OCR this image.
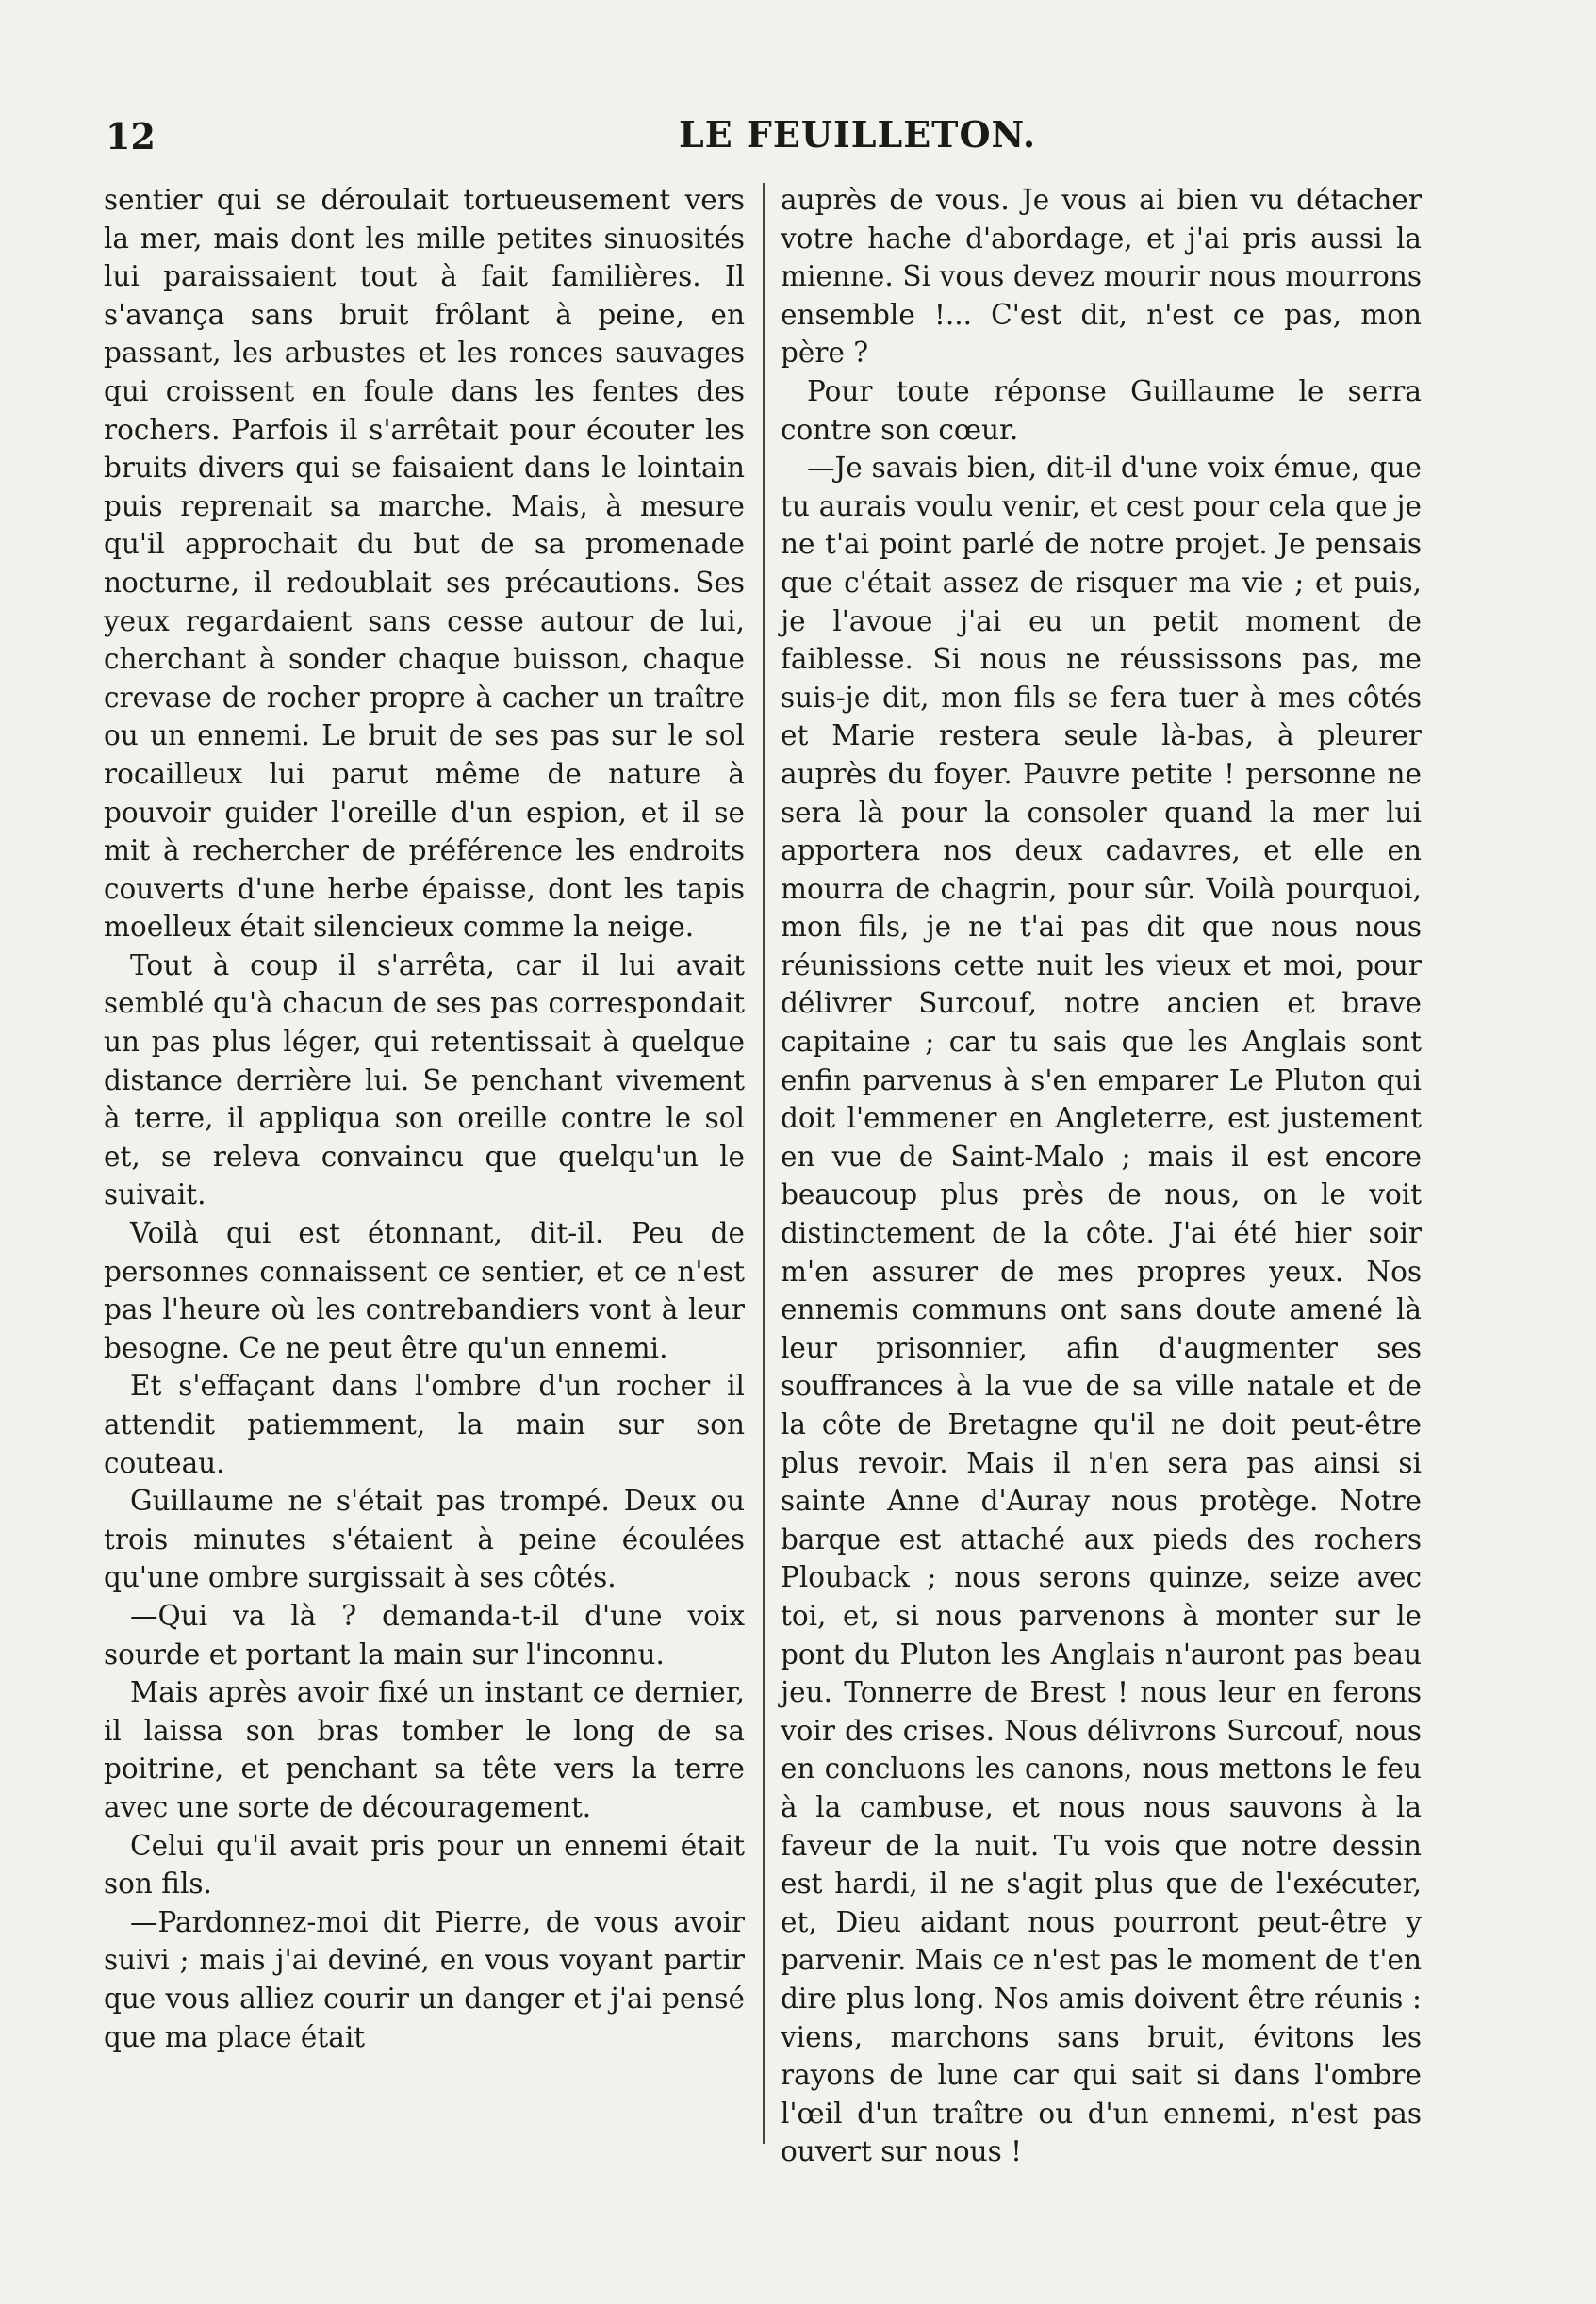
12	LE FEUILLETON.

sentier qui se déroulait tortueusement vers la mer, mais dont les mille petites sinuosités lui paraissaient tout à fait familières. Il s'avança sans bruit frôlant à peine, en passant, les arbustes et les ronces sauvages qui croissent en foule dans les fentes des rochers. Parfois il s'arrêtait pour écouter les bruits divers qui se faisaient dans le lointain puis reprenait sa marche. Mais, à mesure qu'il approchait du but de sa promenade nocturne, il redoublait ses précautions. Ses yeux regardaient sans cesse autour de lui, cherchant à sonder chaque buisson, chaque crevase de rocher propre à cacher un traître ou un ennemi. Le bruit de ses pas sur le sol rocailleux lui parut même de nature à pouvoir guider l'oreille d'un espion, et il se mit à rechercher de préférence les endroits couverts d'une herbe épaisse, dont les tapis moelleux était silencieux comme la neige.

Tout à coup il s'arrêta, car il lui avait semblé qu'à chacun de ses pas correspondait un pas plus léger, qui retentissait à quelque distance derrière lui. Se penchant vivement à terre, il appliqua son oreille contre le sol et, se releva convaincu que quelqu'un le suivait.

Voilà qui est étonnant, dit-il. Peu de personnes connaissent ce sentier, et ce n'est pas l'heure où les contrebandiers vont à leur besogne. Ce ne peut être qu'un ennemi.

Et s'effaçant dans l'ombre d'un rocher il attendit patiemment, la main sur son couteau.

Guillaume ne s'était pas trompé. Deux ou trois minutes s'étaient à peine écoulées qu'une ombre surgissait à ses côtés.

—Qui va là ? demanda-t-il d'une voix sourde et portant la main sur l'inconnu.

Mais après avoir fixé un instant ce dernier, il laissa son bras tomber le long de sa poitrine, et penchant sa tête vers la terre avec une sorte de découragement.

Celui qu'il avait pris pour un ennemi était son fils.

—Pardonnez-moi dit Pierre, de vous avoir suivi ; mais j'ai deviné, en vous voyant partir que vous alliez courir un danger et j'ai pensé que ma place était

auprès de vous. Je vous ai bien vu détacher votre hache d'abordage, et j'ai pris aussi la mienne. Si vous devez mourir nous mourrons ensemble !... C'est dit, n'est ce pas, mon père ?

Pour toute réponse Guillaume le serra contre son cœur.

—Je savais bien, dit-il d'une voix émue, que tu aurais voulu venir, et cest pour cela que je ne t'ai point parlé de notre projet. Je pensais que c'était assez de risquer ma vie ; et puis, je l'avoue j'ai eu un petit moment de faiblesse. Si nous ne réussissons pas, me suis-je dit, mon fils se fera tuer à mes côtés et Marie restera seule là-bas, à pleurer auprès du foyer. Pauvre petite ! personne ne sera là pour la consoler quand la mer lui apportera nos deux cadavres, et elle en mourra de chagrin, pour sûr. Voilà pourquoi, mon fils, je ne t'ai pas dit que nous nous réunissions cette nuit les vieux et moi, pour délivrer Surcouf, notre ancien et brave capitaine ; car tu sais que les Anglais sont enfin parvenus à s'en emparer Le Pluton qui doit l'emmener en Angleterre, est justement en vue de Saint-Malo ; mais il est encore beaucoup plus près de nous, on le voit distinctement de la côte. J'ai été hier soir m'en assurer de mes propres yeux. Nos ennemis communs ont sans doute amené là leur prisonnier, afin d'augmenter ses souffrances à la vue de sa ville natale et de la côte de Bretagne qu'il ne doit peut-être plus revoir. Mais il n'en sera pas ainsi si sainte Anne d'Auray nous protège. Notre barque est attaché aux pieds des rochers Plouback ; nous serons quinze, seize avec toi, et, si nous parvenons à monter sur le pont du Pluton les Anglais n'auront pas beau jeu. Tonnerre de Brest ! nous leur en ferons voir des crises. Nous délivrons Surcouf, nous en concluons les canons, nous mettons le feu à la cambuse, et nous nous sauvons à la faveur de la nuit. Tu vois que notre dessin est hardi, il ne s'agit plus que de l'exécuter, et, Dieu aidant nous pourront peut-être y parvenir. Mais ce n'est pas le moment de t'en dire plus long. Nos amis doivent être réunis : viens, marchons sans bruit, évitons les rayons de lune car qui sait si dans l'ombre l'œil d'un traître ou d'un ennemi, n'est pas ouvert sur nous !
